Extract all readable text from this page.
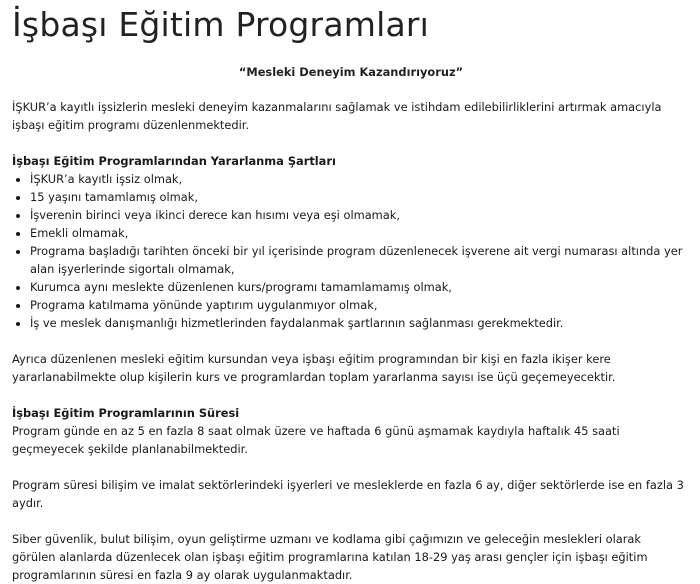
İşbaşı Eğitim Programları
“Mesleki Deneyim Kazandırıyoruz”

İŞKUR’a kayıtlı işsizlerin mesleki deneyim kazanmalarını sağlamak ve istihdam edilebilirliklerini artırmak amacıyla işbaşı eğitim programı düzenlenmektedir.

İşbaşı Eğitim Programlarından Yararlanma Şartları
• İŞKUR’a kayıtlı işsiz olmak,
• 15 yaşını tamamlamış olmak,
• İşverenin birinci veya ikinci derece kan hısımı veya eşi olmamak,
• Emekli olmamak,
• Programa başladığı tarihten önceki bir yıl içerisinde program düzenlenecek işverene ait vergi numarası altında yer alan işyerlerinde sigortalı olmamak,
• Kurumca aynı meslekte düzenlenen kurs/programı tamamlamamış olmak,
• Programa katılmama yönünde yaptırım uygulanmıyor olmak,
• İş ve meslek danışmanlığı hizmetlerinden faydalanmak şartlarının sağlanması gerekmektedir.

Ayrıca düzenlenen mesleki eğitim kursundan veya işbaşı eğitim programından bir kişi en fazla ikişer kere yararlanabilmekte olup kişilerin kurs ve programlardan toplam yararlanma sayısı ise üçü geçemeyecektir.

İşbaşı Eğitim Programlarının Süresi

Program günde en az 5 en fazla 8 saat olmak üzere ve haftada 6 günü aşmamak kaydıyla haftalık 45 saati geçmeyecek şekilde planlanabilmektedir.

Program süresi bilişim ve imalat sektörlerindeki işyerleri ve mesleklerde en fazla 6 ay, diğer sektörlerde ise en fazla 3 aydır.

Siber güvenlik, bulut bilişim, oyun geliştirme uzmanı ve kodlama gibi çağımızın ve geleceğin meslekleri olarak görülen alanlarda düzenlecek olan işbaşı eğitim programlarına katılan 18-29 yaş arası gençler için işbaşı eğitim programlarının süresi en fazla 9 ay olarak uygulanmaktadır.
